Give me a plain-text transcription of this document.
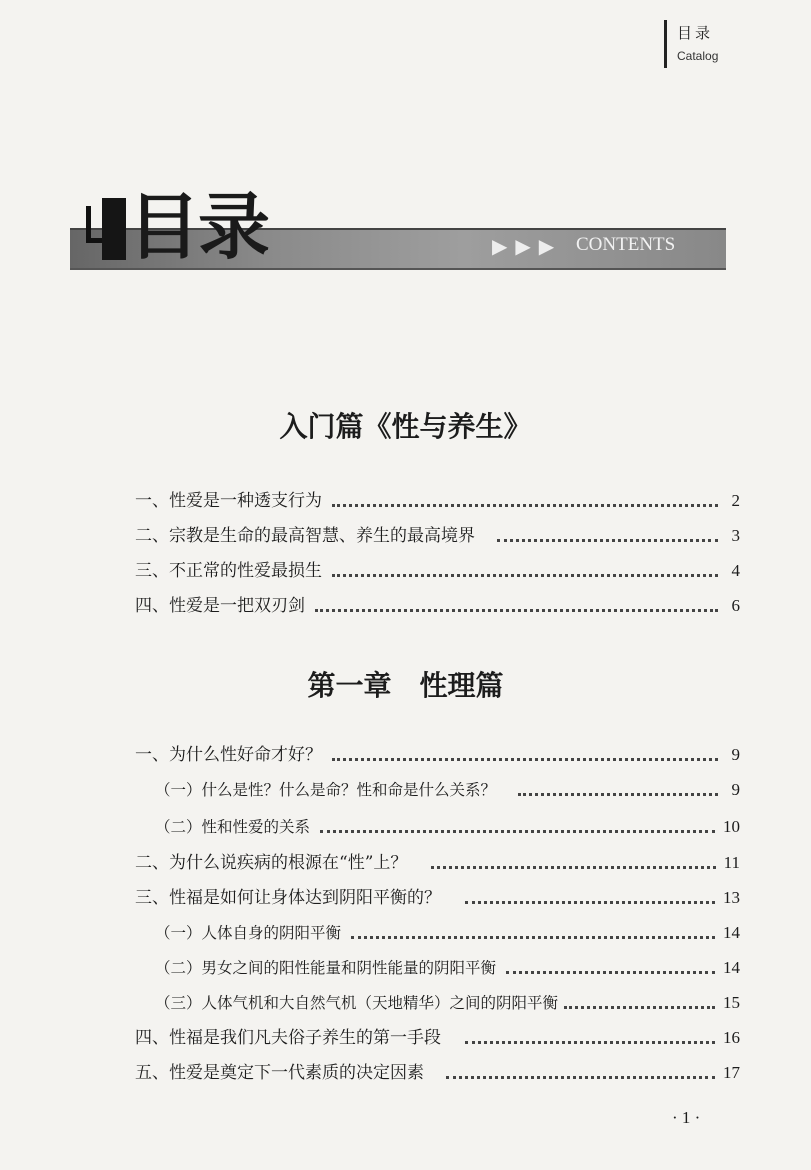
目录
Catalog
目录	▶▶▶ CONTENTS
入门篇《性与养生》
一、性爱是一种透支行为	2
二、宗教是生命的最高智慧、养生的最高境界	3
三、不正常的性爱最损生	4
四、性爱是一把双刃剑	6
第一章　性理篇
一、为什么性好命才好？	9
（一）什么是性？什么是命？性和命是什么关系？	9
（二）性和性爱的关系	10
二、为什么说疾病的根源在“性”上？	11
三、性福是如何让身体达到阴阳平衡的？	13
（一）人体自身的阴阳平衡	14
（二）男女之间的阳性能量和阴性能量的阴阳平衡	14
（三）人体气机和大自然气机（天地精华）之间的阴阳平衡	15
四、性福是我们凡夫俗子养生的第一手段	16
五、性爱是奠定下一代素质的决定因素	17
· 1 ·
